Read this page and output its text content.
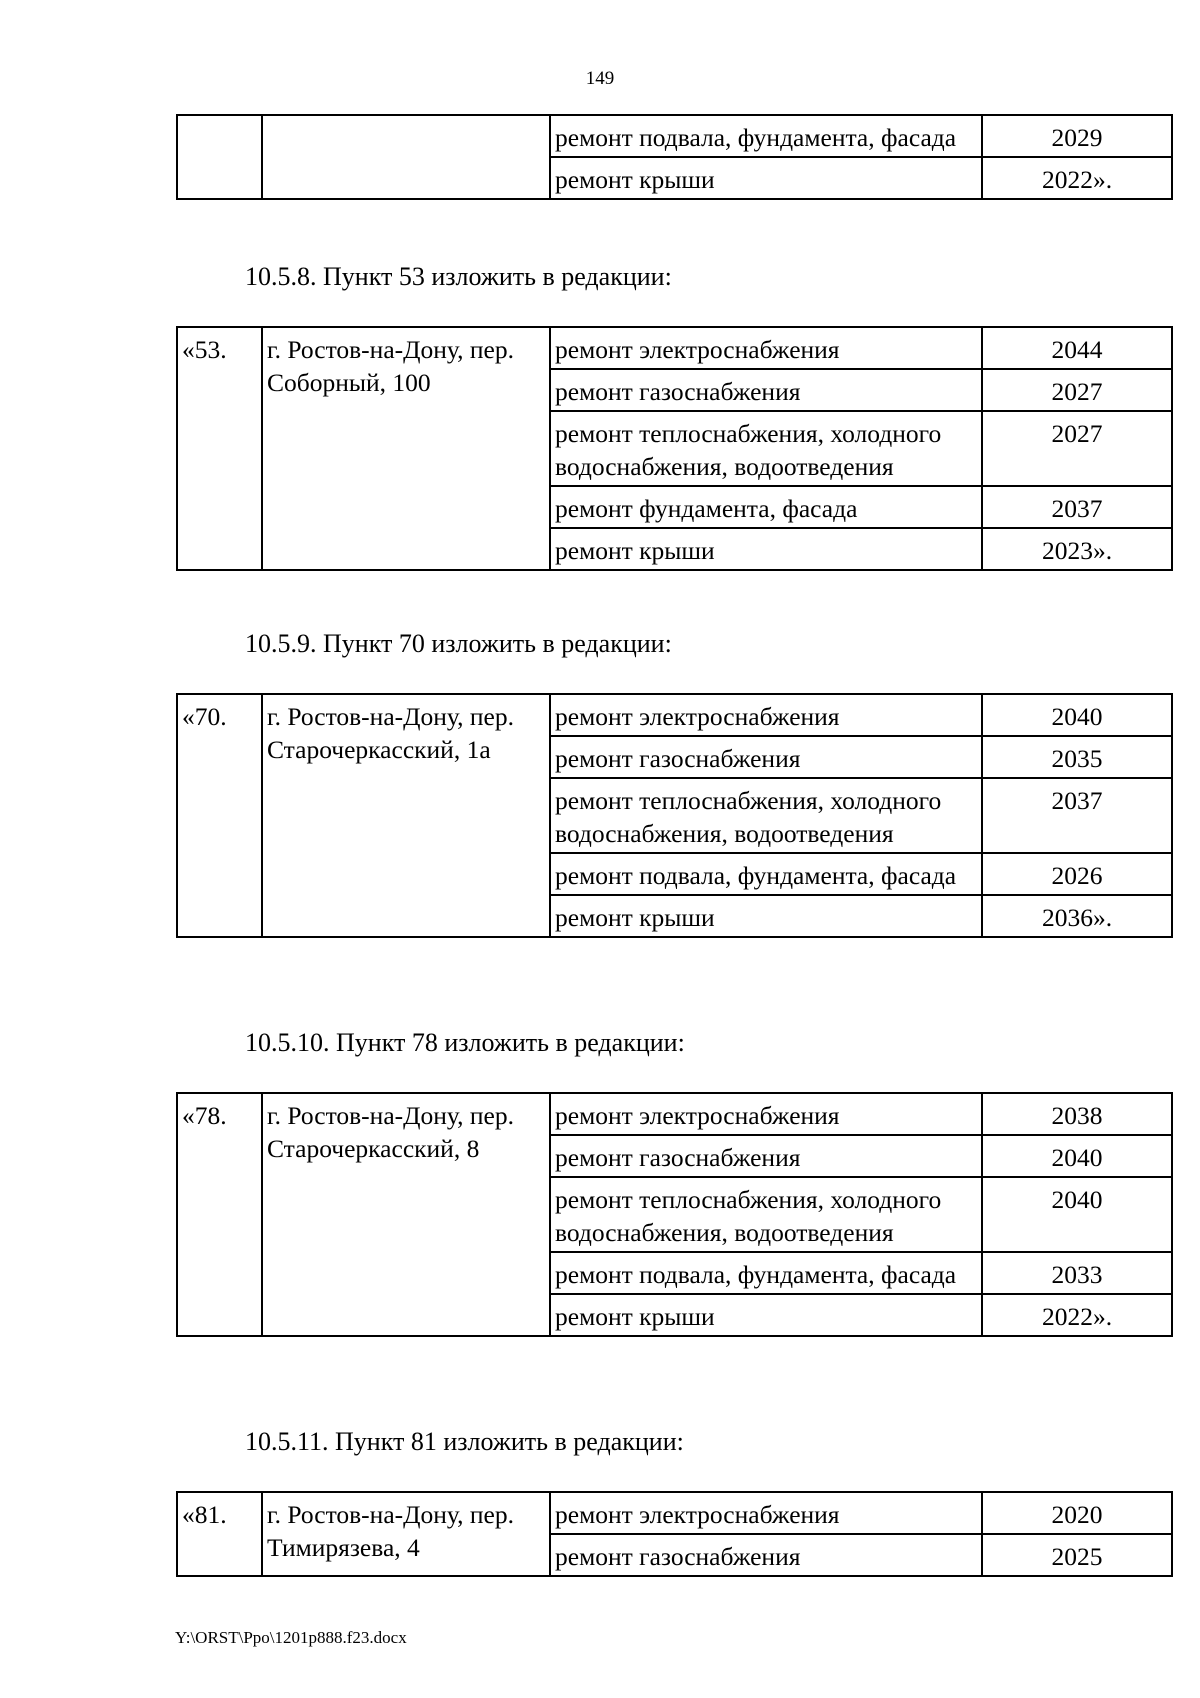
149
		ремонт подвала, фундамента, фасада	2029
		ремонт крыши	2022».
10.5.8. Пункт 53 изложить в редакции:
«53.	г. Ростов-на-Дону, пер. Соборный, 100	ремонт электроснабжения	2044
		ремонт газоснабжения	2027
		ремонт теплоснабжения, холодного водоснабжения, водоотведения	2027
		ремонт фундамента, фасада	2037
		ремонт крыши	2023».
10.5.9. Пункт 70 изложить в редакции:
«70.	г. Ростов-на-Дону, пер. Старочеркасский, 1а	ремонт электроснабжения	2040
		ремонт газоснабжения	2035
		ремонт теплоснабжения, холодного водоснабжения, водоотведения	2037
		ремонт подвала, фундамента, фасада	2026
		ремонт крыши	2036».
10.5.10. Пункт 78 изложить в редакции:
«78.	г. Ростов-на-Дону, пер. Старочеркасский, 8	ремонт электроснабжения	2038
		ремонт газоснабжения	2040
		ремонт теплоснабжения, холодного водоснабжения, водоотведения	2040
		ремонт подвала, фундамента, фасада	2033
		ремонт крыши	2022».
10.5.11. Пункт 81 изложить в редакции:
«81.	г. Ростов-на-Дону, пер. Тимирязева, 4	ремонт электроснабжения	2020
		ремонт газоснабжения	2025
Y:\ORST\Ppo\1201p888.f23.docx
